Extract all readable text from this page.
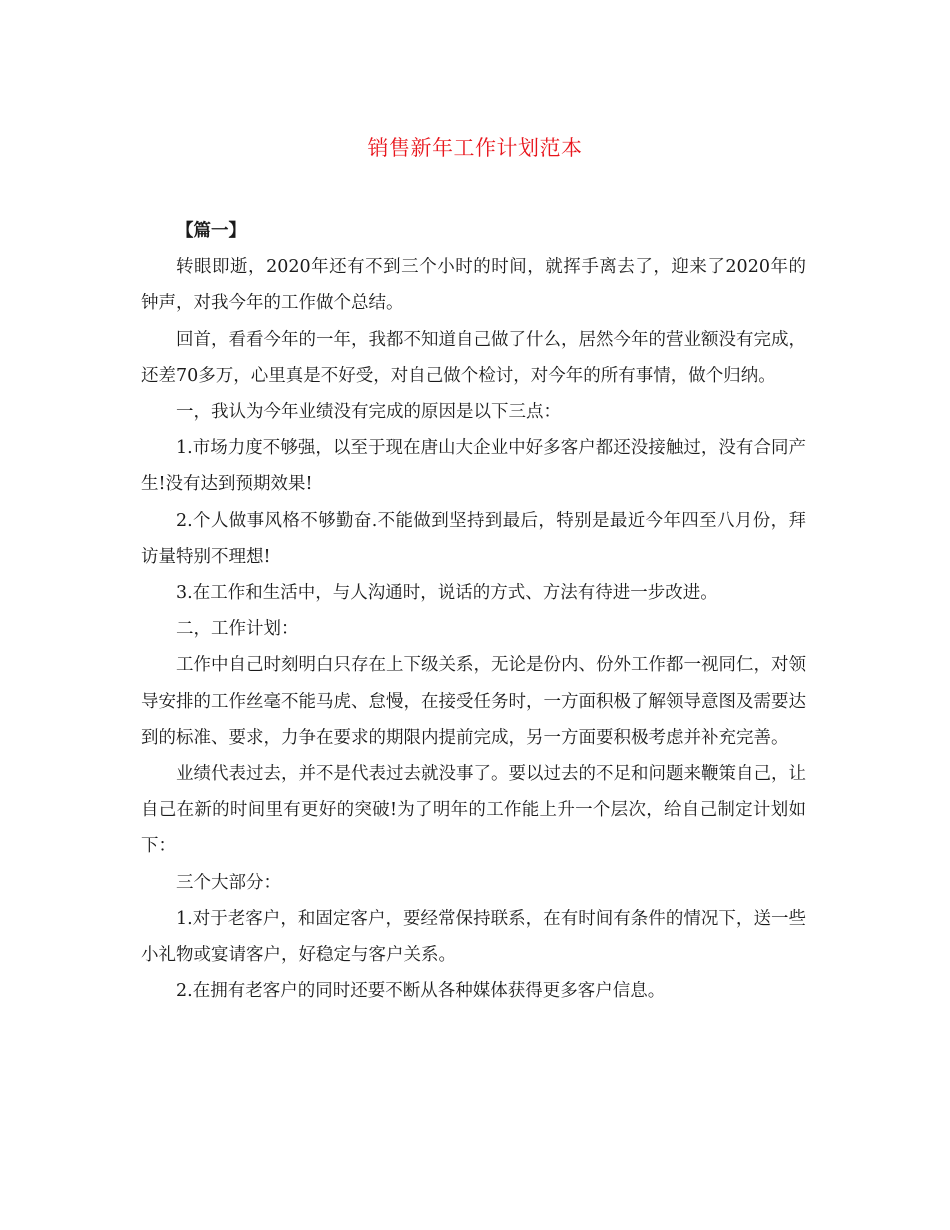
销售新年工作计划范本

【篇一】

转眼即逝，2020年还有不到三个小时的时间，就挥手离去了，迎来了2020年的钟声，对我今年的工作做个总结。

回首，看看今年的一年，我都不知道自己做了什么，居然今年的营业额没有完成，还差70多万，心里真是不好受，对自己做个检讨，对今年的所有事情，做个归纳。

一，我认为今年业绩没有完成的原因是以下三点：

1.市场力度不够强，以至于现在唐山大企业中好多客户都还没接触过，没有合同产生!没有达到预期效果!

2.个人做事风格不够勤奋.不能做到坚持到最后，特别是最近今年四至八月份，拜访量特别不理想!

3.在工作和生活中，与人沟通时，说话的方式、方法有待进一步改进。

二，工作计划：

工作中自己时刻明白只存在上下级关系，无论是份内、份外工作都一视同仁，对领导安排的工作丝毫不能马虎、怠慢，在接受任务时，一方面积极了解领导意图及需要达到的标准、要求，力争在要求的期限内提前完成，另一方面要积极考虑并补充完善。

业绩代表过去，并不是代表过去就没事了。要以过去的不足和问题来鞭策自己，让自己在新的时间里有更好的突破!为了明年的工作能上升一个层次，给自己制定计划如下：

三个大部分：

1.对于老客户，和固定客户，要经常保持联系，在有时间有条件的情况下，送一些小礼物或宴请客户，好稳定与客户关系。

2.在拥有老客户的同时还要不断从各种媒体获得更多客户信息。
